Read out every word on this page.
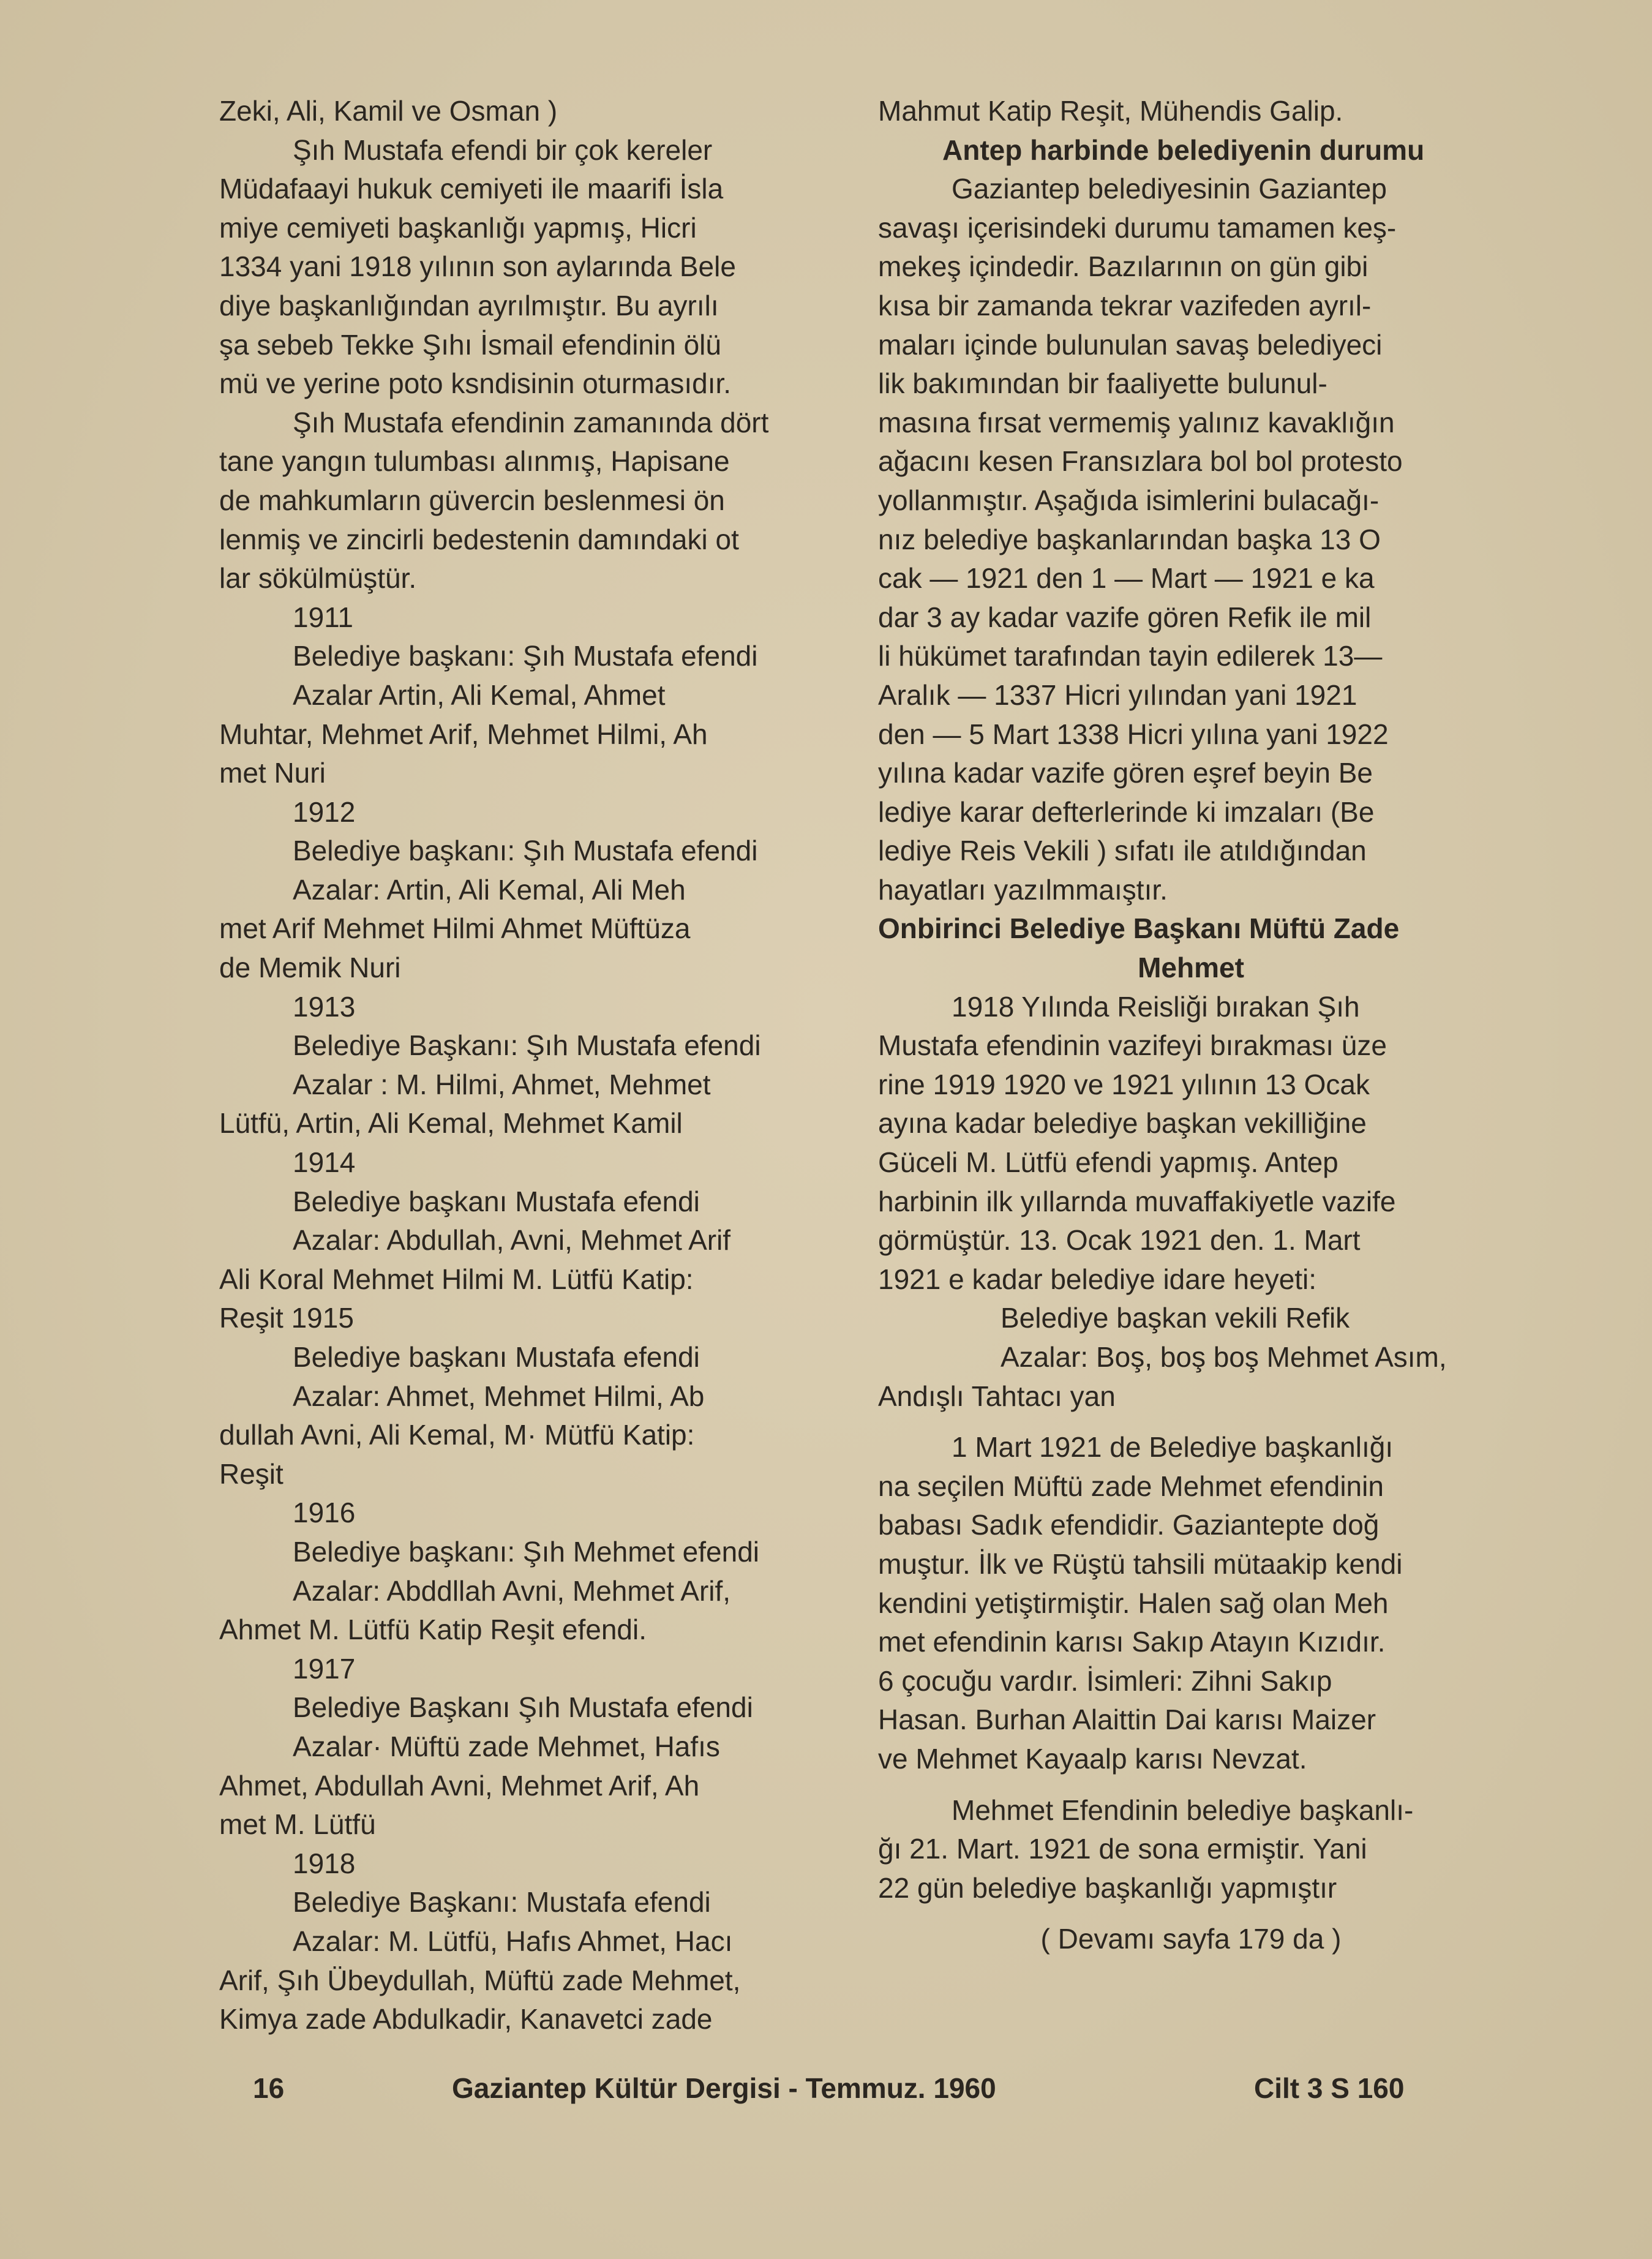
Zeki, Ali, Kamil ve Osman )
Şıh Mustafa efendi bir çok kereler
Müdafaayi hukuk cemiyeti ile maarifi İsla
miye cemiyeti başkanlığı yapmış, Hicri
1334 yani 1918 yılının son aylarında Bele
diye başkanlığından ayrılmıştır. Bu ayrılı
şa sebeb Tekke Şıhı İsmail efendinin ölü
mü ve yerine poto ksndisinin oturmasıdır.
Şıh Mustafa efendinin zamanında dört
tane yangın tulumbası alınmış, Hapisane
de mahkumların güvercin beslenmesi ön
lenmiş ve zincirli bedestenin damındaki ot
lar sökülmüştür.
1911
Belediye başkanı: Şıh Mustafa efendi
Azalar Artin, Ali Kemal, Ahmet
Muhtar, Mehmet Arif, Mehmet Hilmi, Ah
met Nuri
1912
Belediye başkanı: Şıh Mustafa efendi
Azalar: Artin, Ali Kemal, Ali Meh
met Arif Mehmet Hilmi Ahmet Müftüza
de Memik Nuri
1913
Belediye Başkanı: Şıh Mustafa efendi
Azalar : M. Hilmi, Ahmet, Mehmet
Lütfü, Artin, Ali Kemal, Mehmet Kamil
1914
Belediye başkanı Mustafa efendi
Azalar: Abdullah, Avni, Mehmet Arif
Ali Koral Mehmet Hilmi M. Lütfü Katip:
Reşit 1915
Belediye başkanı Mustafa efendi
Azalar: Ahmet, Mehmet Hilmi, Ab
dullah Avni, Ali Kemal, M· Mütfü Katip:
Reşit
1916
Belediye başkanı: Şıh Mehmet efendi
Azalar: Abddllah Avni, Mehmet Arif,
Ahmet M. Lütfü Katip Reşit efendi.
1917
Belediye Başkanı Şıh Mustafa efendi
Azalar· Müftü zade Mehmet, Hafıs
Ahmet, Abdullah Avni, Mehmet Arif, Ah
met M. Lütfü
1918
Belediye Başkanı: Mustafa efendi
Azalar: M. Lütfü, Hafıs Ahmet, Hacı
Arif, Şıh Übeydullah, Müftü zade Mehmet,
Kimya zade Abdulkadir, Kanavetci zade
Mahmut Katip Reşit, Mühendis Galip.
Antep harbinde belediyenin durumu
Gaziantep belediyesinin Gaziantep
savaşı içerisindeki durumu tamamen keş-
mekeş içindedir. Bazılarının on gün gibi
kısa bir zamanda tekrar vazifeden ayrıl-
maları içinde bulunulan savaş belediyeci
lik bakımından bir faaliyette bulunul-
masına fırsat vermemiş yalınız kavaklığın
ağacını kesen Fransızlara bol bol protesto
yollanmıştır. Aşağıda isimlerini bulacağı-
nız belediye başkanlarından başka 13 O
cak — 1921 den 1 — Mart — 1921 e ka
dar 3 ay kadar vazife gören Refik ile mil
li hükümet tarafından tayin edilerek 13—
Aralık — 1337 Hicri yılından yani 1921
den — 5 Mart 1338 Hicri yılına yani 1922
yılına kadar vazife gören eşref beyin Be
lediye karar defterlerinde ki imzaları (Be
lediye Reis Vekili ) sıfatı ile atıldığından
hayatları yazılmmaıştır.
Onbirinci Belediye Başkanı Müftü Zade
Mehmet
1918 Yılında Reisliği bırakan Şıh
Mustafa efendinin vazifeyi bırakması üze
rine 1919 1920 ve 1921 yılının 13 Ocak
ayına kadar belediye başkan vekilliğine
Güceli M. Lütfü efendi yapmış. Antep
harbinin ilk yıllarnda muvaffakiyetle vazife
görmüştür. 13. Ocak 1921 den. 1. Mart
1921 e kadar belediye idare heyeti:
Belediye başkan vekili Refik
Azalar: Boş, boş boş Mehmet Asım,
Andışlı Tahtacı yan
1 Mart 1921 de Belediye başkanlığı
na seçilen Müftü zade Mehmet efendinin
babası Sadık efendidir. Gaziantepte doğ
muştur. İlk ve Rüştü tahsili mütaakip kendi
kendini yetiştirmiştir. Halen sağ olan Meh
met efendinin karısı Sakıp Atayın Kızıdır.
6 çocuğu vardır. İsimleri: Zihni Sakıp
Hasan. Burhan Alaittin Dai karısı Maizer
ve Mehmet Kayaalp karısı Nevzat.
Mehmet Efendinin belediye başkanlı-
ğı 21. Mart. 1921 de sona ermiştir. Yani
22 gün belediye başkanlığı yapmıştır
( Devamı sayfa 179 da )
16	Gaziantep Kültür Dergisi - Temmuz. 1960	Cilt 3 S 160
